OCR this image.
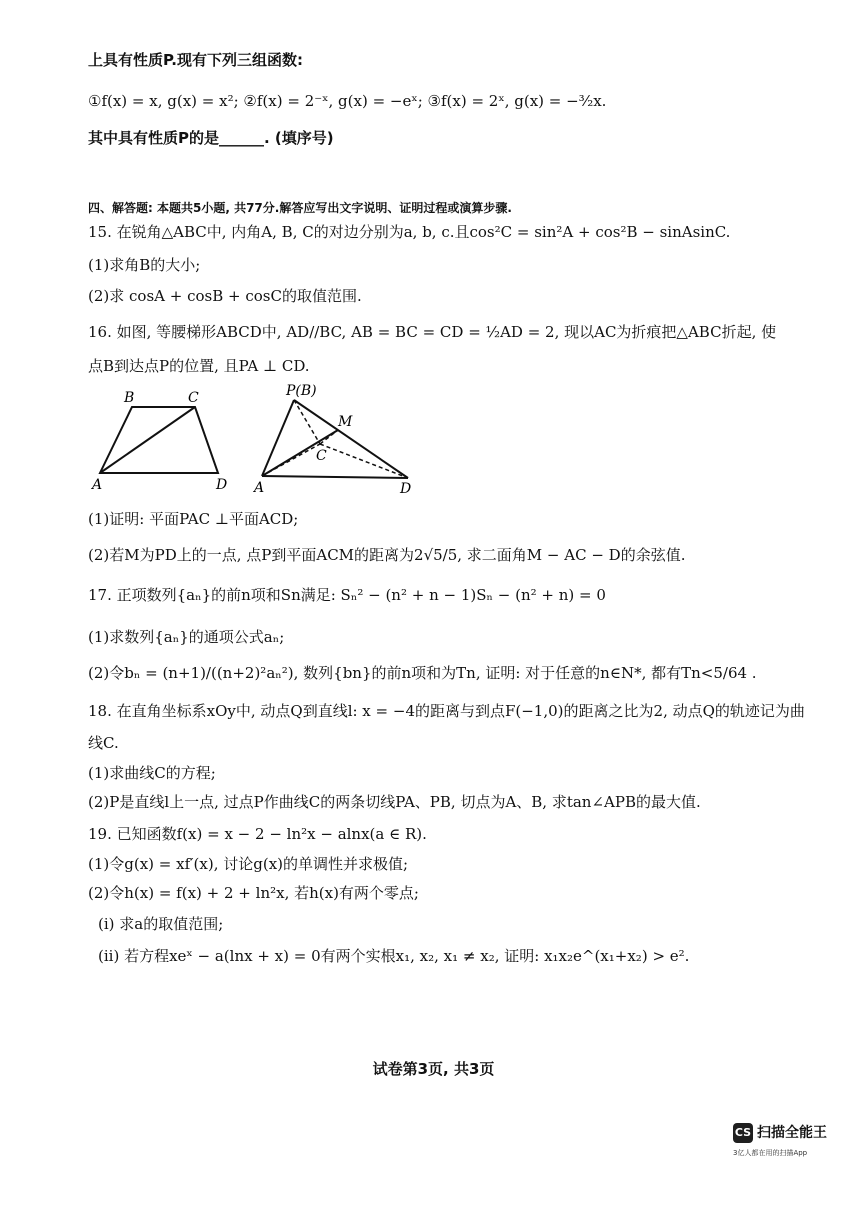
上具有性质P.现有下列三组函数:
①f(x) = x, g(x) = x²; ②f(x) = 2⁻ˣ, g(x) = −eˣ; ③f(x) = 2ˣ, g(x) = −³⁄₂x.
其中具有性质P的是______. (填序号)
四、解答题: 本题共5小题, 共77分.解答应写出文字说明、证明过程或演算步骤.
15. 在锐角△ABC中, 内角A, B, C的对边分别为a, b, c.且cos²C = sin²A + cos²B − sinAsinC.
(1)求角B的大小;
(2)求 cosA + cosB + cosC的取值范围.
16. 如图, 等腰梯形ABCD中, AD//BC, AB = BC = CD = ½AD = 2, 现以AC为折痕把△ABC折起, 使
点B到达点P的位置, 且PA ⊥ CD.
B	C
A	D
P(B)
M
C
A	D
(1)证明: 平面PAC ⊥平面ACD;
(2)若M为PD上的一点, 点P到平面ACM的距离为2√5/5, 求二面角M − AC − D的余弦值.
17. 正项数列{aₙ}的前n项和Sn满足: Sₙ² − (n² + n − 1)Sₙ − (n² + n) = 0
(1)求数列{aₙ}的通项公式aₙ;
(2)令bₙ = (n+1)/((n+2)²aₙ²), 数列{bn}的前n项和为Tn, 证明: 对于任意的n∈N*, 都有Tn<5/64 .
18. 在直角坐标系xOy中, 动点Q到直线l: x = −4的距离与到点F(−1,0)的距离之比为2, 动点Q的轨迹记为曲
线C.
(1)求曲线C的方程;
(2)P是直线l上一点, 过点P作曲线C的两条切线PA、PB, 切点为A、B, 求tan∠APB的最大值.
19. 已知函数f(x) = x − 2 − ln²x − alnx(a ∈ R).
(1)令g(x) = xf′(x), 讨论g(x)的单调性并求极值;
(2)令h(x) = f(x) + 2 + ln²x, 若h(x)有两个零点;
(i) 求a的取值范围;
(ii) 若方程xeˣ − a(lnx + x) = 0有两个实根x₁, x₂, x₁ ≠ x₂, 证明: x₁x₂e^(x₁+x₂) > e².
试卷第3页, 共3页
CS 扫描全能王
3亿人都在用的扫描App
